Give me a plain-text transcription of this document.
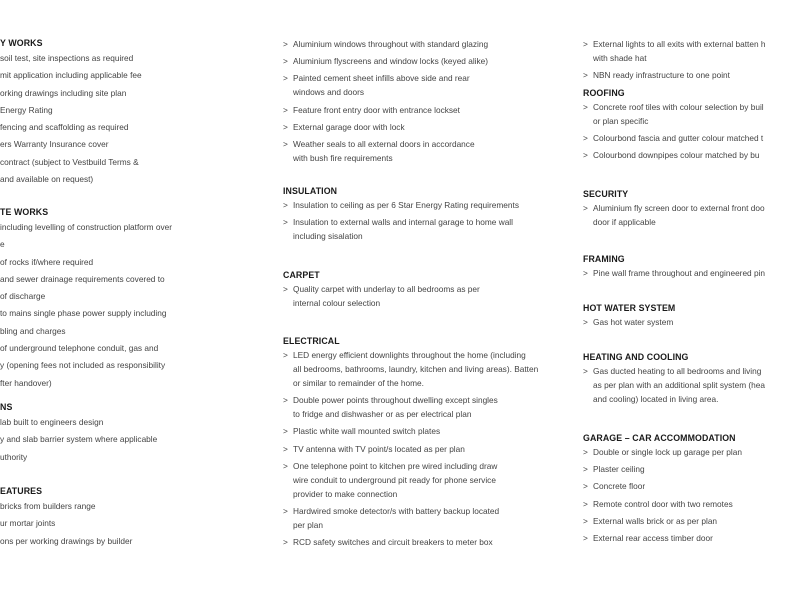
Y WORKS
soil test, site inspections as required
mit application including applicable fee
orking drawings including site plan
Energy Rating
fencing and scaffolding as required
ers Warranty Insurance cover
contract (subject to Vestbuild Terms &
and available on request)
TE WORKS
including levelling of construction platform over
e
of rocks if/where required
and sewer drainage requirements covered to
of discharge
to mains single phase power supply including
bling and charges
of underground telephone conduit, gas and
y (opening fees not included as responsibility
fter handover)
NS
lab built to engineers design
y and slab barrier system where applicable
uthority
EATURES
bricks from builders range
ur mortar joints
ons per working drawings by builder
> Aluminium windows throughout with standard glazing
> Aluminium flyscreens and window locks (keyed alike)
> Painted cement sheet infills above side and rear
windows and doors
> Feature front entry door with entrance lockset
> External garage door with lock
> Weather seals to all external doors in accordance
with bush fire requirements
INSULATION
> Insulation to ceiling as per 6 Star Energy Rating requirements
> Insulation to external walls and internal garage to home wall
including sisalation
CARPET
> Quality carpet with underlay to all bedrooms as per
internal colour selection
ELECTRICAL
> LED energy efficient downlights throughout the home (including
all bedrooms, bathrooms, laundry, kitchen and living areas). Batten
or similar to remainder of the home.
> Double power points throughout dwelling except singles
to fridge and dishwasher or as per electrical plan
> Plastic white wall mounted switch plates
> TV antenna with TV point/s located as per plan
> One telephone point to kitchen pre wired including draw
wire conduit to underground pit ready for phone service
provider to make connection
> Hardwired smoke detector/s with battery backup located
per plan
> RCD safety switches and circuit breakers to meter box
> External lights to all exits with external batten h
with shade hat
> NBN ready infrastructure to one point
ROOFING
> Concrete roof tiles with colour selection by buil
or plan specific
> Colourbond fascia and gutter colour matched t
> Colourbond downpipes colour matched by bu
SECURITY
> Aluminium fly screen door to external front doo
door if applicable
FRAMING
> Pine wall frame throughout and engineered pin
HOT WATER SYSTEM
> Gas hot water system
HEATING AND COOLING
> Gas ducted heating to all bedrooms and living
as per plan with an additional split system (hea
and cooling) located in living area.
GARAGE – CAR ACCOMMODATION
> Double or single lock up garage per plan
> Plaster ceiling
> Concrete floor
> Remote control door with two remotes
> External walls brick or as per plan
> External rear access timber door
